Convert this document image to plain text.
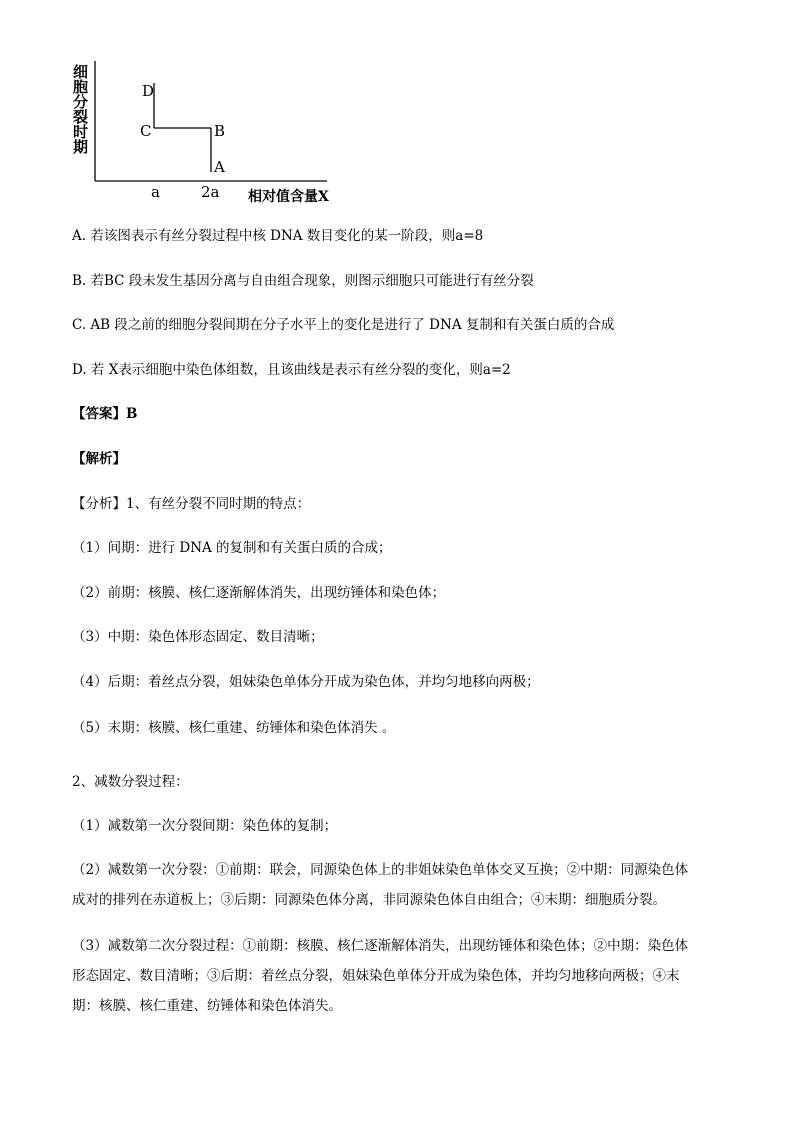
细胞分裂时期	D
C	B
A
a	2a 相对值含量X
A. 若该图表示有丝分裂过程中核 DNA 数目变化的某一阶段，则a=8
B. 若BC 段未发生基因分离与自由组合现象，则图示细胞只可能进行有丝分裂
C. AB 段之前的细胞分裂间期在分子水平上的变化是进行了 DNA 复制和有关蛋白质的合成
D. 若 X表示细胞中染色体组数，且该曲线是表示有丝分裂的变化，则a=2
【答案】B
【解析】
【分析】1、有丝分裂不同时期的特点：
（1）间期：进行 DNA 的复制和有关蛋白质的合成；
（2）前期：核膜、核仁逐渐解体消失，出现纺锤体和染色体；
（3）中期：染色体形态固定、数目清晰；
（4）后期：着丝点分裂，姐妹染色单体分开成为染色体，并均匀地移向两极；
（5）末期：核膜、核仁重建、纺锤体和染色体消失 。
2、减数分裂过程：
（1）减数第一次分裂间期：染色体的复制；
（2）减数第一次分裂：①前期：联会，同源染色体上的非姐妹染色单体交叉互换；②中期：同源染色体
成对的排列在赤道板上；③后期：同源染色体分离，非同源染色体自由组合；④末期：细胞质分裂。
（3）减数第二次分裂过程：①前期：核膜、核仁逐渐解体消失，出现纺锤体和染色体；②中期：染色体
形态固定、数目清晰；③后期：着丝点分裂，姐妹染色单体分开成为染色体，并均匀地移向两极；④末
期：核膜、核仁重建、纺锤体和染色体消失。
